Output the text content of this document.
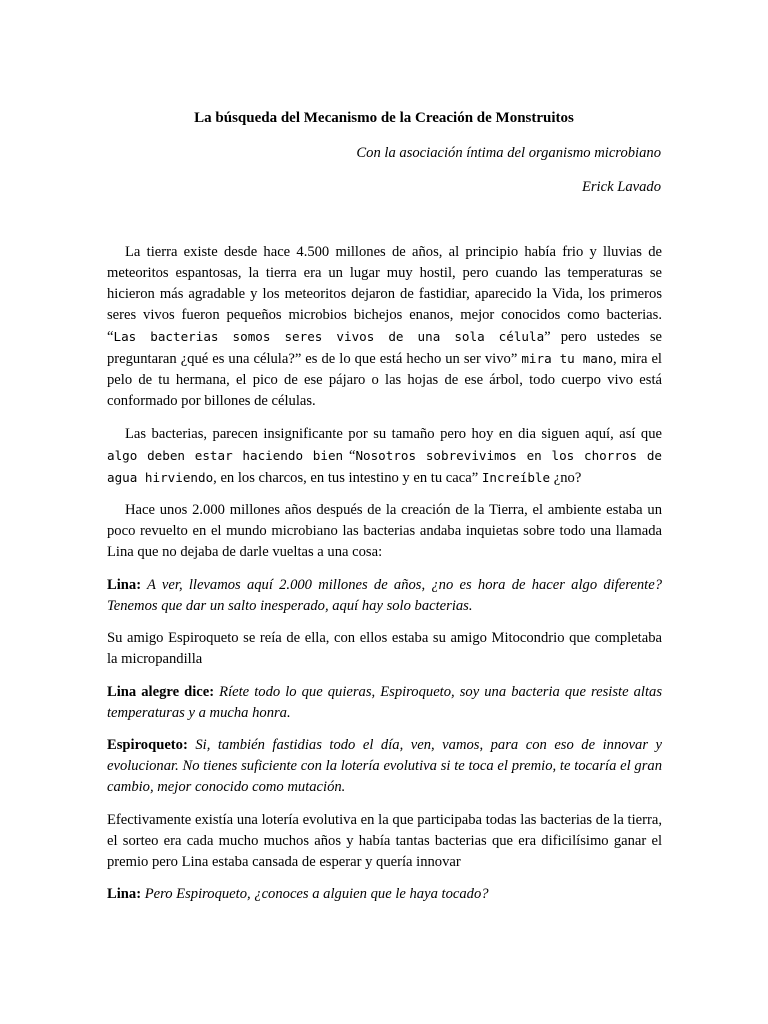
La búsqueda del Mecanismo de la Creación de Monstruitos

Con la asociación íntima del organismo microbiano

Erick Lavado

La tierra existe desde hace 4.500 millones de años, al principio había frio y lluvias de meteoritos espantosas, la tierra era un lugar muy hostil, pero cuando las temperaturas se hicieron más agradable y los meteoritos dejaron de fastidiar, aparecido la Vida, los primeros seres vivos fueron pequeños microbios bichejos enanos, mejor conocidos como bacterias. “Las bacterias somos seres vivos de una sola célula” pero ustedes se preguntaran ¿qué es una célula?” es de lo que está hecho un ser vivo” mira tu mano, mira el pelo de tu hermana, el pico de ese pájaro o las hojas de ese árbol, todo cuerpo vivo está conformado por billones de células.

Las bacterias, parecen insignificante por su tamaño pero hoy en dia siguen aquí, así que algo deben estar haciendo bien “Nosotros sobrevivimos en los chorros de agua hirviendo, en los charcos, en tus intestino y en tu caca” Increíble ¿no?

Hace unos 2.000 millones años después de la creación de la Tierra, el ambiente estaba un poco revuelto en el mundo microbiano las bacterias andaba inquietas sobre todo una llamada Lina que no dejaba de darle vueltas a una cosa:

Lina: A ver, llevamos aquí 2.000 millones de años, ¿no es hora de hacer algo diferente? Tenemos que dar un salto inesperado, aquí hay solo bacterias.

Su amigo Espiroqueto se reía de ella, con ellos estaba su amigo Mitocondrio que completaba la micropandilla

Lina alegre dice: Ríete todo lo que quieras, Espiroqueto, soy una bacteria que resiste altas temperaturas y a mucha honra.

Espiroqueto: Si, también fastidias todo el día, ven, vamos, para con eso de innovar y evolucionar. No tienes suficiente con la lotería evolutiva si te toca el premio, te tocaría el gran cambio, mejor conocido como mutación.

Efectivamente existía una lotería evolutiva en la que participaba todas las bacterias de la tierra, el sorteo era cada mucho muchos años y había tantas bacterias que era dificilísimo ganar el premio pero Lina estaba cansada de esperar y quería innovar

Lina: Pero Espiroqueto, ¿conoces a alguien que le haya tocado?
